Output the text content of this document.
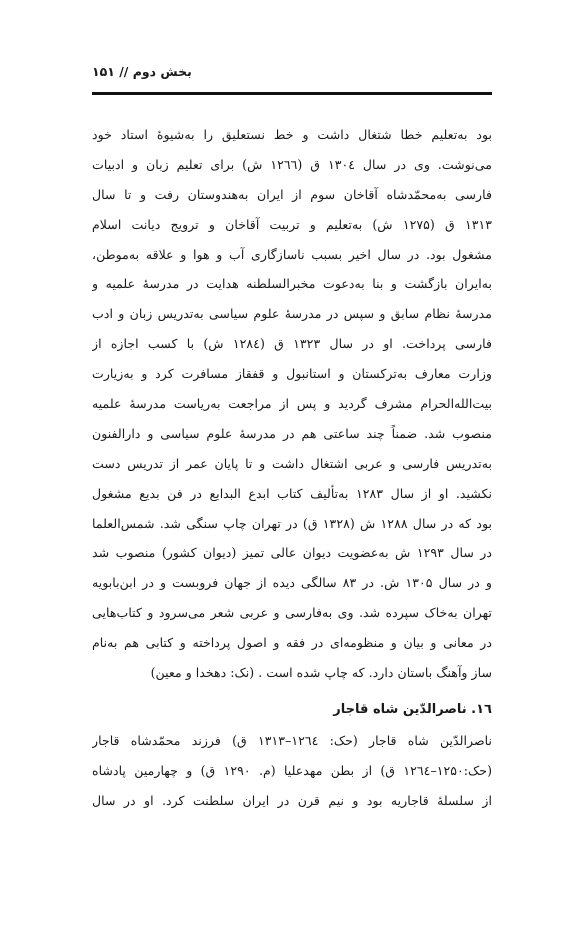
بخش دوم // ۱۵۱
بود به‌تعلیم خطا شتغال داشت و خط نستعلیق را به‌شیوهٔ استاد خود
می‌نوشت. وی در سال ۱۳۰٤ ق (۱۲٦٦ ش) برای تعلیم زبان و ادبیات
فارسی به‌محمّدشاه آقاخان سوم از ایران به‌هندوستان رفت و تا سال
۱۳۱۳ ق (۱۲۷۵ ش) به‌تعلیم و تربیت آقاخان و ترویج دیانت اسلام
مشغول بود. در سال اخیر بسبب ناسازگاری آب و هوا و علاقه به‌موطن،
به‌ایران بازگشت و بنا به‌دعوت مخبرالسلطنه هدایت در مدرسهٔ علمیه و
مدرسهٔ نظام سابق و سپس در مدرسهٔ علوم سیاسی به‌تدریس زبان و ادب
فارسی پرداخت. او در سال ۱۳۲۳ ق (۱۲۸٤ ش) با کسب اجازه از
وزارت معارف به‌ترکستان و استانبول و قفقاز مسافرت کرد و به‌زیارت
بیت‌الله‌الحرام مشرف گردید و پس از مراجعت به‌ریاست مدرسهٔ علمیه
منصوب شد. ضمناً چند ساعتی هم در مدرسهٔ علوم سیاسی و دارالفنون
به‌تدریس فارسی و عربی اشتغال داشت و تا پایان عمر از تدریس دست
نکشید. او از سال ۱۲۸۳ به‌تألیف کتاب ابدع البدایع در فن بدیع مشغول
بود که در سال ۱۲۸۸ ش (۱۳۲۸ ق) در تهران چاپ سنگی شد. شمس‌العلما
در سال ۱۲۹۳ ش به‌عضویت دیوان عالی تمیز (دیوان کشور) منصوب شد
و در سال ۱۳۰۵ ش. در ۸۳ سالگی دیده از جهان فروبست و در ابن‌بابویه
تهران به‌خاک سپرده شد. وی به‌فارسی و عربی شعر می‌سرود و کتاب‌هایی
در معانی و بیان و منظومه‌ای در فقه و اصول پرداخته و کتابی هم به‌نام
ساز وآهنگ باستان دارد. که چاپ شده است . (نک: دهخدا و معین)
١٦. ناصرالدّین شاه قاجار
ناصرالدّین شاه قاجار (حک: ١٢٦٤–١٣١٣ ق) فرزند محمّدشاه قاجار
(حک:۱۲۵۰–۱۲٦٤ ق) از بطن مهدعلیا (م. ۱۲۹۰ ق) و چهارمین پادشاه
از سلسلهٔ قاجاریه بود و نیم قرن در ایران سلطنت کرد. او در سال
